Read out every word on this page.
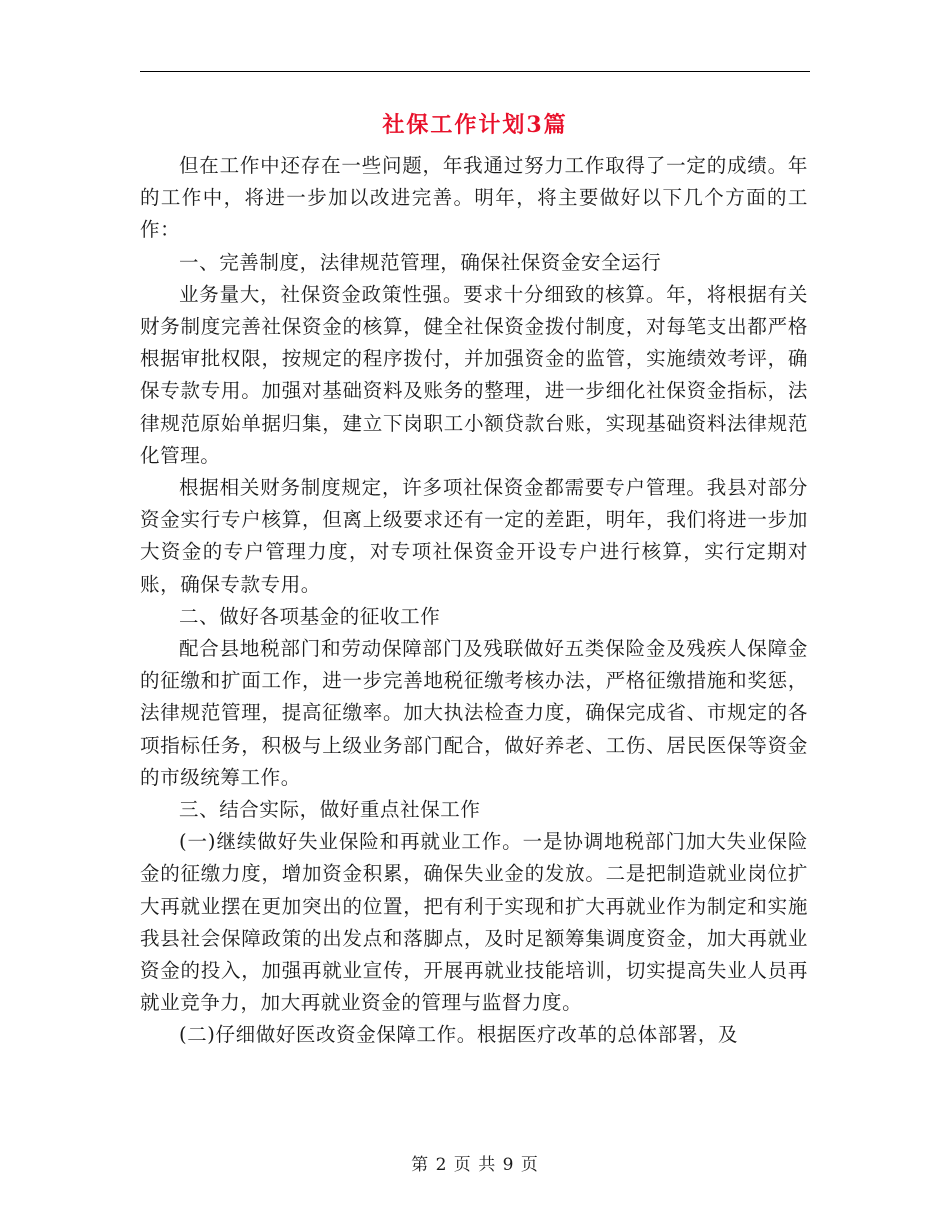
社保工作计划3篇

但在工作中还存在一些问题，年我通过努力工作取得了一定的成绩。年的工作中，将进一步加以改进完善。明年，将主要做好以下几个方面的工作：

一、完善制度，法律规范管理，确保社保资金安全运行

业务量大，社保资金政策性强。要求十分细致的核算。年，将根据有关财务制度完善社保资金的核算，健全社保资金拨付制度，对每笔支出都严格根据审批权限，按规定的程序拨付，并加强资金的监管，实施绩效考评，确保专款专用。加强对基础资料及账务的整理，进一步细化社保资金指标，法律规范原始单据归集，建立下岗职工小额贷款台账，实现基础资料法律规范化管理。

根据相关财务制度规定，许多项社保资金都需要专户管理。我县对部分资金实行专户核算，但离上级要求还有一定的差距，明年，我们将进一步加大资金的专户管理力度，对专项社保资金开设专户进行核算，实行定期对账，确保专款专用。

二、做好各项基金的征收工作

配合县地税部门和劳动保障部门及残联做好五类保险金及残疾人保障金的征缴和扩面工作，进一步完善地税征缴考核办法，严格征缴措施和奖惩，法律规范管理，提高征缴率。加大执法检查力度，确保完成省、市规定的各项指标任务，积极与上级业务部门配合，做好养老、工伤、居民医保等资金的市级统筹工作。

三、结合实际，做好重点社保工作

(一)继续做好失业保险和再就业工作。一是协调地税部门加大失业保险金的征缴力度，增加资金积累，确保失业金的发放。二是把制造就业岗位扩大再就业摆在更加突出的位置，把有利于实现和扩大再就业作为制定和实施我县社会保障政策的出发点和落脚点，及时足额筹集调度资金，加大再就业资金的投入，加强再就业宣传，开展再就业技能培训，切实提高失业人员再就业竞争力，加大再就业资金的管理与监督力度。

(二)仔细做好医改资金保障工作。根据医疗改革的总体部署，及

第 2 页 共 9 页
